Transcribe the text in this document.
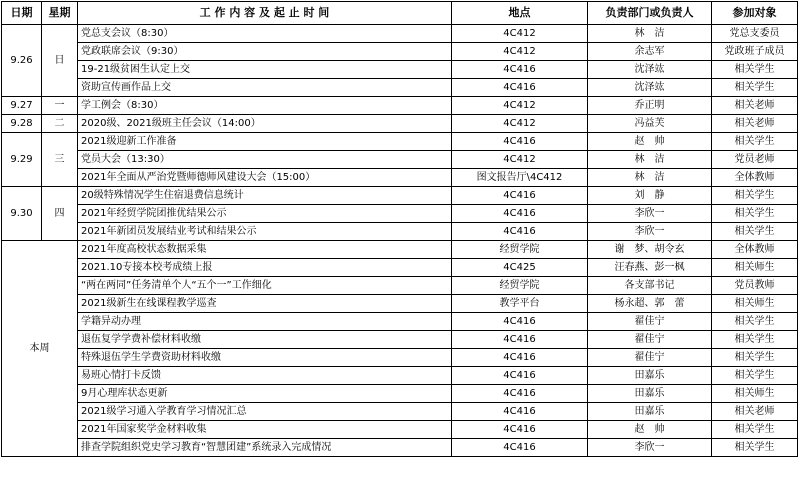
日期	星期	工 作 内 容 及 起 止 时 间	地点	负责部门或负责人	参加对象
9.26	日	党总支会议（8:30）	4C412	林　洁	党总支委员
		党政联席会议（9:30）	4C412	余志军	党政班子成员
		19-21级贫困生认定上交	4C416	沈泽竑	相关学生
		资助宣传画作品上交	4C416	沈泽竑	相关学生
9.27	一	学工例会（8:30）	4C412	乔正明	相关老师
9.28	二	2020级、2021级班主任会议（14:00）	4C412	冯益芙	相关老师
9.29	三	2021级迎新工作准备	4C416	赵　帅	相关学生
		党员大会（13:30）	4C412	林　洁	党员老师
		2021年全面从严治党暨师德师风建设大会（15:00）	图文报告厅\4C412	林　洁	全体教师
9.30	四	20级特殊情况学生住宿退费信息统计	4C416	刘　静	相关学生
		2021年经贸学院团推优结果公示	4C416	李欣一	相关学生
		2021年新团员发展结业考试和结果公示	4C416	李欣一	相关学生
本周		2021年度高校状态数据采集	经贸学院	谢　梦、胡令玄	全体教师
		2021.10专接本校考成绩上报	4C425	汪春燕、彭一枫	相关师生
		“两在两同”任务清单个人“五个一”工作细化	经贸学院	各支部书记	党员教师
		2021级新生在线课程教学巡查	教学平台	杨永超、郭　蕾	相关师生
		学籍异动办理	4C416	翟佳宁	相关学生
		退伍复学学费补偿材料收缴	4C416	翟佳宁	相关学生
		特殊退伍学生学费资助材料收缴	4C416	翟佳宁	相关学生
		易班心情打卡反馈	4C416	田嘉乐	相关学生
		9月心理库状态更新	4C416	田嘉乐	相关师生
		2021级学习通入学教育学习情况汇总	4C416	田嘉乐	相关老师
		2021年国家奖学金材料收集	4C416	赵　帅	相关学生
		排查学院组织党史学习教育“智慧团建”系统录入完成情况	4C416	李欣一	相关学生
